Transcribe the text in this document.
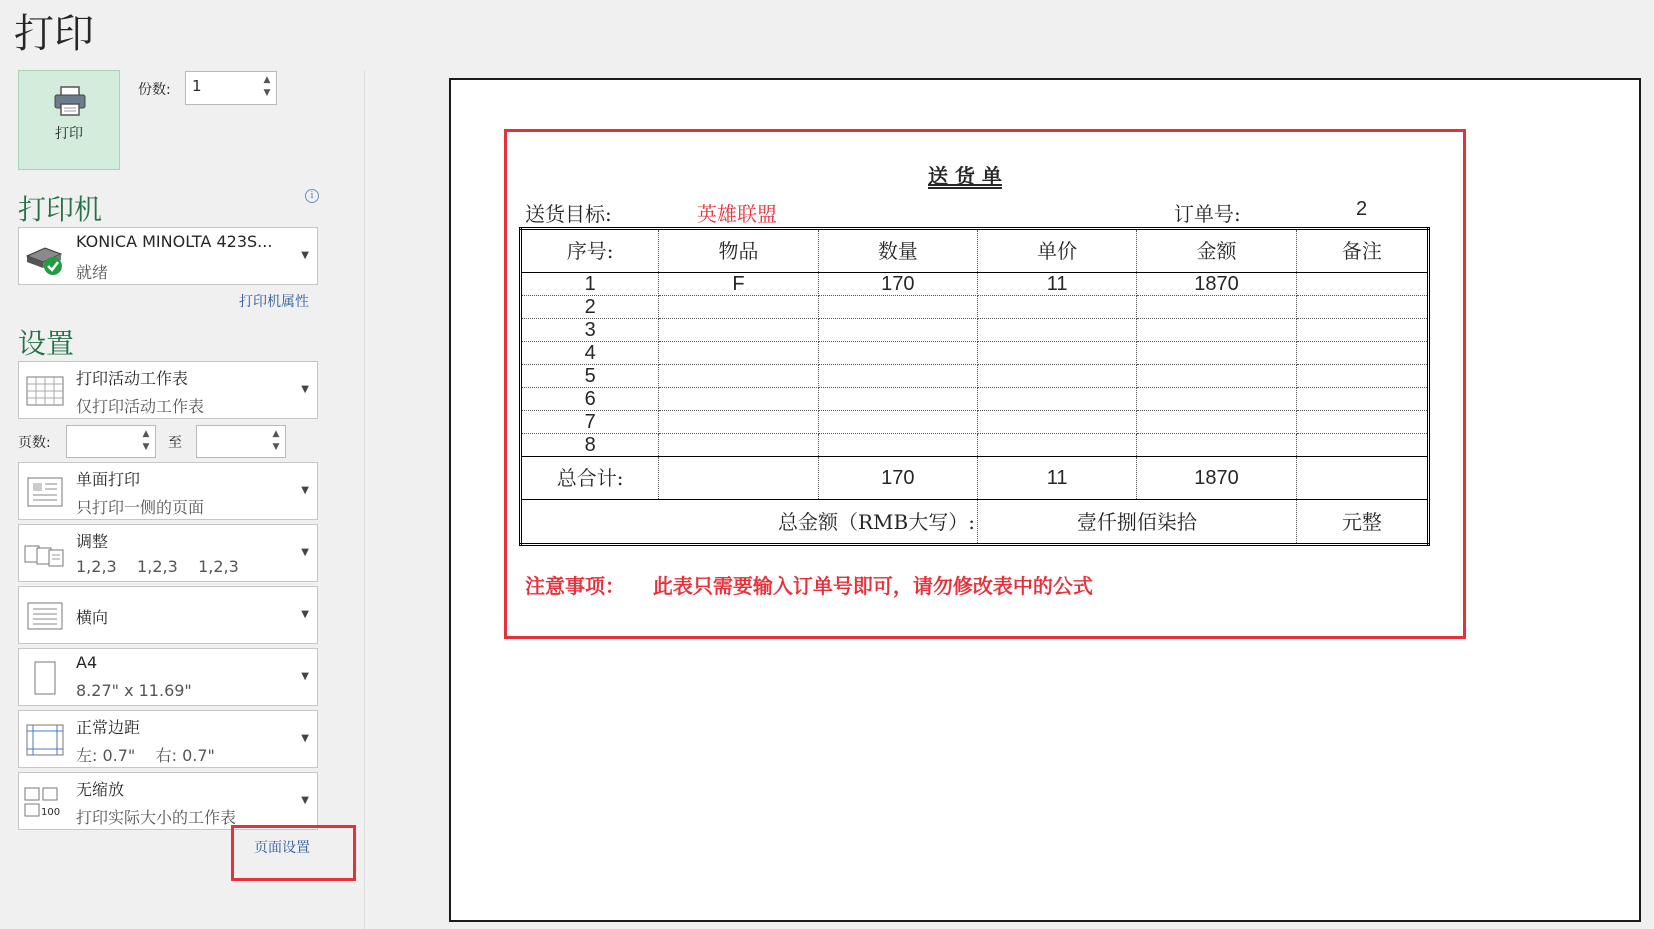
打印
打印
份数: 1	▲
▼
打印机	i
KONICA MINOLTA 423S...
就绪
▼
打印机属性
设置
打印活动工作表
仅打印活动工作表
▼
页数:
▲
▼ 至
▲
▼
单面打印
只打印一侧的页面
▼
调整
1,2,3    1,2,3    1,2,3
▼
横向	▼
A4
8.27" x 11.69"
▼
正常边距
左: 0.7"    右: 0.7"
▼
100
无缩放
打印实际大小的工作表
▼
页面设置
送 货 单
送货目标:	英雄联盟	订单号:	2
序号:	物品	数量	单价	金额	备注
1	F	170	11	1870	
2					
3					
4					
5					
6					
7					
8					
总合计:		170	11	1870	
总金额（RMB大写）:			壹仟捌佰柒拾		元整
注意事项：    此表只需要输入订单号即可，请勿修改表中的公式
